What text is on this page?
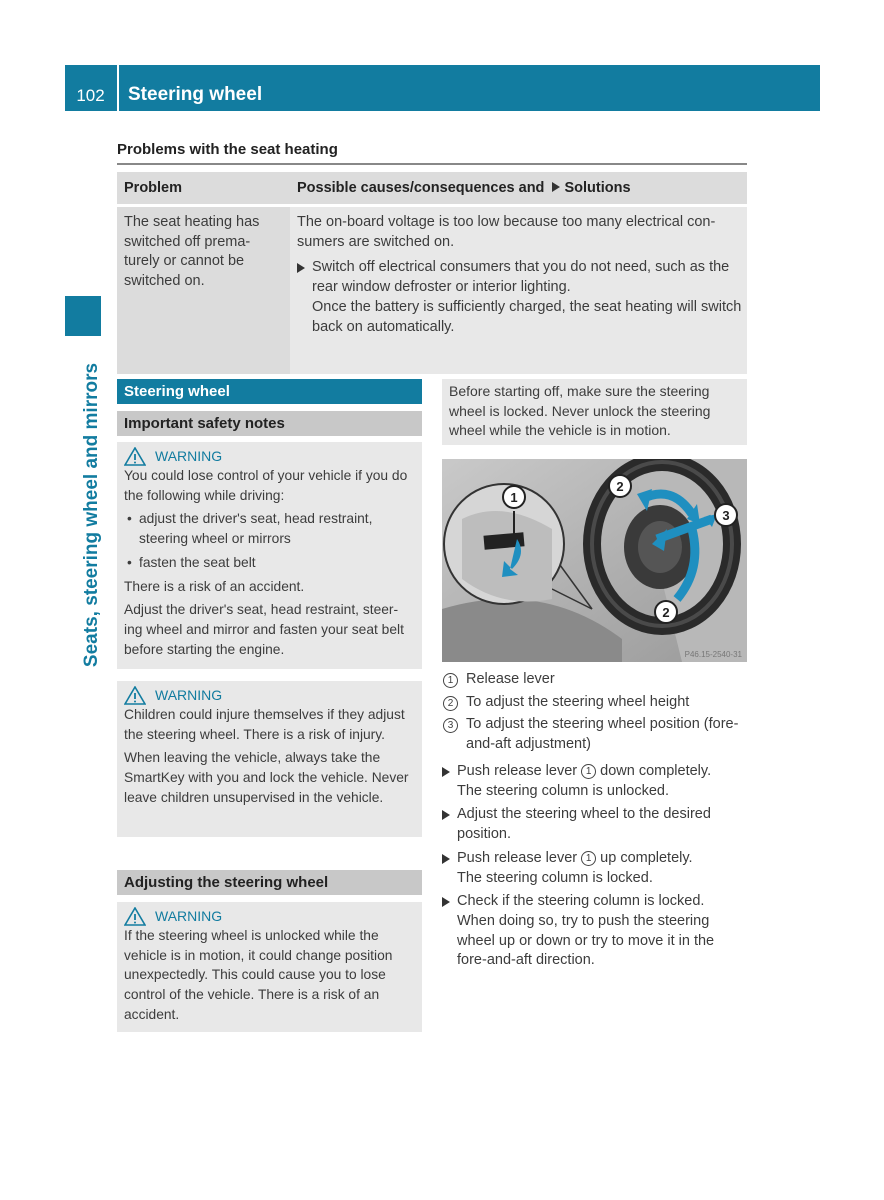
102	Steering wheel
Seats, steering wheel and mirrors
Problems with the seat heating
Problem	Possible causes/consequences and Solutions
The seat heating has switched off prema-turely or cannot be switched on.
The on-board voltage is too low because too many electrical con-sumers are switched on.
Switch off electrical consumers that you do not need, such as the rear window defroster or interior lighting.
Once the battery is sufficiently charged, the seat heating will switch back on automatically.
Steering wheel
Important safety notes
WARNING
You could lose control of your vehicle if you do the following while driving:
• adjust the driver's seat, head restraint, steering wheel or mirrors
• fasten the seat belt
There is a risk of an accident.
Adjust the driver's seat, head restraint, steer-ing wheel and mirror and fasten your seat belt before starting the engine.
WARNING
Children could injure themselves if they adjust the steering wheel. There is a risk of injury.
When leaving the vehicle, always take the SmartKey with you and lock the vehicle. Never leave children unsupervised in the vehicle.
Adjusting the steering wheel
WARNING
If the steering wheel is unlocked while the vehicle is in motion, it could change position unexpectedly. This could cause you to lose control of the vehicle. There is a risk of an accident.
Before starting off, make sure the steering wheel is locked. Never unlock the steering wheel while the vehicle is in motion.
1
2
3
2
P46.15-2540-31
1 Release lever
2 To adjust the steering wheel height
3 To adjust the steering wheel position (fore-and-aft adjustment)
Push release lever 1 down completely.
The steering column is unlocked.
Adjust the steering wheel to the desired position.
Push release lever 1 up completely.
The steering column is locked.
Check if the steering column is locked.
When doing so, try to push the steering wheel up or down or try to move it in the fore-and-aft direction.
